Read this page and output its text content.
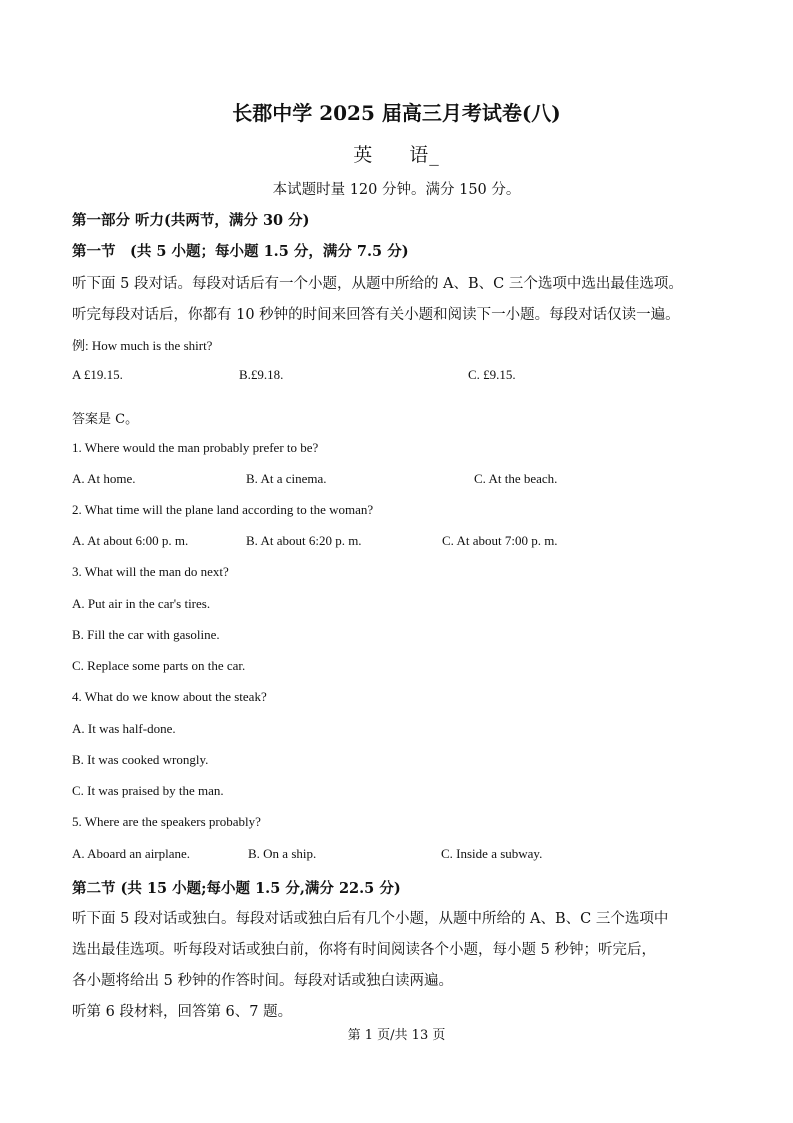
长郡中学 2025 届高三月考试卷(八)
英 语_
本试题时量 120 分钟。满分 150 分。
第一部分 听力(共两节，满分 30 分)
第一节　(共 5 小题；每小题 1.5 分，满分 7.5 分)
听下面 5 段对话。每段对话后有一个小题，从题中所给的 A、B、C 三个选项中选出最佳选项。
听完每段对话后，你都有 10 秒钟的时间来回答有关小题和阅读下一小题。每段对话仅读一遍。
例: How much is the shirt?
A £19.15.	B.£9.18.	C. £9.15.
答案是 C。
1. Where would the man probably prefer to be?
A. At home.	B. At a cinema.	C. At the beach.
2. What time will the plane land according to the woman?
A. At about 6:00 p. m.	B. At about 6:20 p. m.	C. At about 7:00 p. m.
3. What will the man do next?
A. Put air in the car's tires.
B. Fill the car with gasoline.
C. Replace some parts on the car.
4. What do we know about the steak?
A. It was half-done.
B. It was cooked wrongly.
C. It was praised by the man.
5. Where are the speakers probably?
A. Aboard an airplane.	B. On a ship.	C. Inside a subway.
第二节 (共 15 小题;每小题 1.5 分,满分 22.5 分)
听下面 5 段对话或独白。每段对话或独白后有几个小题，从题中所给的 A、B、C 三个选项中
选出最佳选项。听每段对话或独白前，你将有时间阅读各个小题，每小题 5 秒钟；听完后，
各小题将给出 5 秒钟的作答时间。每段对话或独白读两遍。
听第 6 段材料，回答第 6、7 题。
第 1 页/共 13 页
